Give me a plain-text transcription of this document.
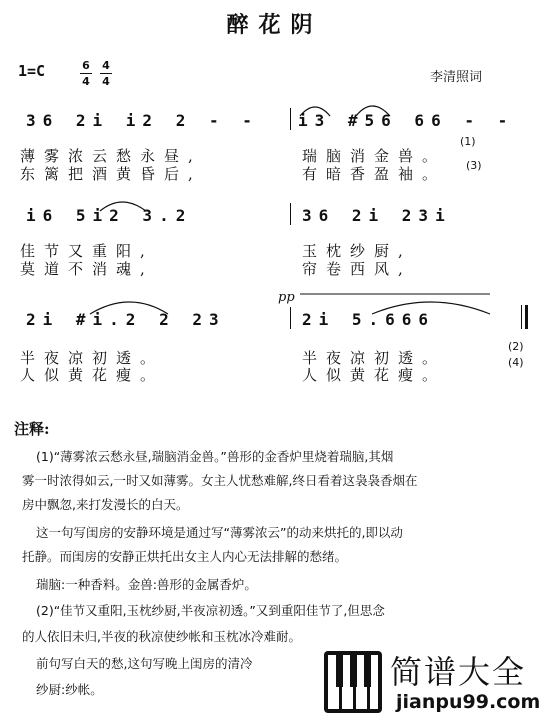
醉花阴
1=C	6
4
4
4	李清照词
36 2i i2 2 - - i3 #56 66 - -
薄雾浓云愁永昼,	瑞脑消金兽。
(1)
东篱把酒黄昏后,	有暗香盈袖。 (3)
i6 5i2 3.2	36 2i 23i
佳节又重阳,	玉枕纱厨,
莫道不消魂,	帘卷西风,
pp
2i #i.2 2 23	2i 5.666
半夜凉初透。	半夜凉初透。
(2)
人似黄花瘦。	人似黄花瘦。
(4)
注释:
(1)“薄雾浓云愁永昼,瑞脑消金兽。”兽形的金香炉里烧着瑞脑,其烟
雾一时浓得如云,一时又如薄雾。女主人忧愁难解,终日看着这袅袅香烟在
房中飘忽,来打发漫长的白天。
这一句写闺房的安静环境是通过写“薄雾浓云”的动来烘托的,即以动
托静。而闺房的安静正烘托出女主人内心无法排解的愁绪。
瑞脑:一种香料。金兽:兽形的金属香炉。
(2)“佳节又重阳,玉枕纱厨,半夜凉初透。”又到重阳佳节了,但思念
的人依旧未归,半夜的秋凉使纱帐和玉枕冰冷难耐。
前句写白天的愁,这句写晚上闺房的清冷
纱厨:纱帐。	简谱大全
jianpu99.com
